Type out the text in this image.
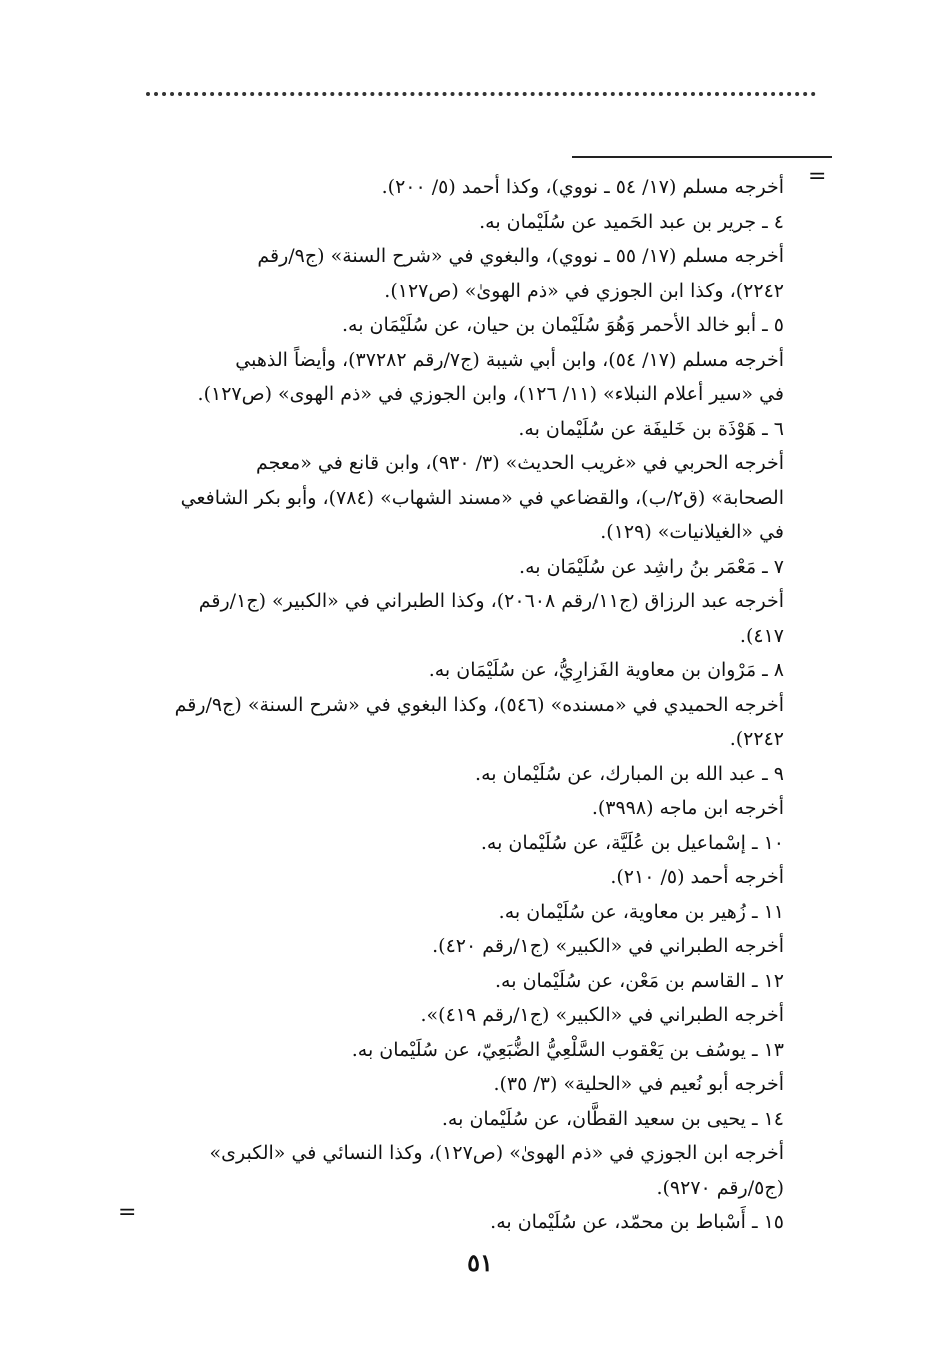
=
أخرجه مسلم (١٧/ ٥٤ ـ نووي)، وكذا أحمد (٥/ ٢٠٠).
٤ ـ جرير بن عبد الحَميد عن سُلَيْمان به.
أخرجه مسلم (١٧/ ٥٥ ـ نووي)، والبغوي في «شرح السنة» (ج٩/رقم
٢٢٤٢)، وكذا ابن الجوزي في «ذم الهوىٰ» (ص١٢٧).
٥ ـ أبو خالد الأحمر وَهُوَ سُلَيْمان بن حيان، عن سُلَيْمَان به.
أخرجه مسلم (١٧/ ٥٤)، وابن أبي شيبة (ج٧/رقم ٣٧٢٨٢)، وأيضاً الذهبي
في «سير أعلام النبلاء» (١١/ ١٢٦)، وابن الجوزي في «ذم الهوى» (ص١٢٧).
٦ ـ هَوْذَة بن خَليفَة عن سُلَيْمان به.
أخرجه الحربي في «غريب الحديث» (٣/ ٩٣٠)، وابن قانع في «معجم
الصحابة» (ق٢/ب)، والقضاعي في «مسند الشهاب» (٧٨٤)، وأبو بكر الشافعي
في «الغيلانيات» (١٢٩).
٧ ـ مَعْمَر بنُ راشِد عن سُلَيْمَان به.
أخرجه عبد الرزاق (ج١١/رقم ٢٠٦٠٨)، وكذا الطبراني في «الكبير» (ج١/رقم
٤١٧).
٨ ـ مَرْوان بن معاوية الفَزارِيُّ، عن سُلَيْمَان به.
أخرجه الحميدي في «مسنده» (٥٤٦)، وكذا البغوي في «شرح السنة» (ج٩/رقم
٢٢٤٢).
٩ ـ عبد الله بن المبارك، عن سُلَيْمان به.
أخرجه ابن ماجه (٣٩٩٨).
١٠ ـ إسْماعيل بن عُلَيَّة، عن سُلَيْمان به.
أخرجه أحمد (٥/ ٢١٠).
١١ ـ زُهير بن معاوية، عن سُلَيْمان به.
أخرجه الطبراني في «الكبير» (ج١/رقم ٤٢٠).
١٢ ـ القاسم بن مَعْن، عن سُلَيْمان به.
أخرجه الطبراني في «الكبير» (ج١/رقم ٤١٩)».
١٣ ـ يوسُف بن يَعْقوب السَّلْعِيُّ الضُّبَعِيّ، عن سُلَيْمان به.
أخرجه أبو نُعيم في «الحلية» (٣/ ٣٥).
١٤ ـ يحيى بن سعيد القطَّان، عن سُلَيْمان به.
أخرجه ابن الجوزي في «ذم الهوىٰ» (ص١٢٧)، وكذا النسائي في «الكبرى»
(ج٥/رقم ٩٢٧٠).
١٥ ـ أَسْباط بن محمّد، عن سُلَيْمان به.
=
٥١
